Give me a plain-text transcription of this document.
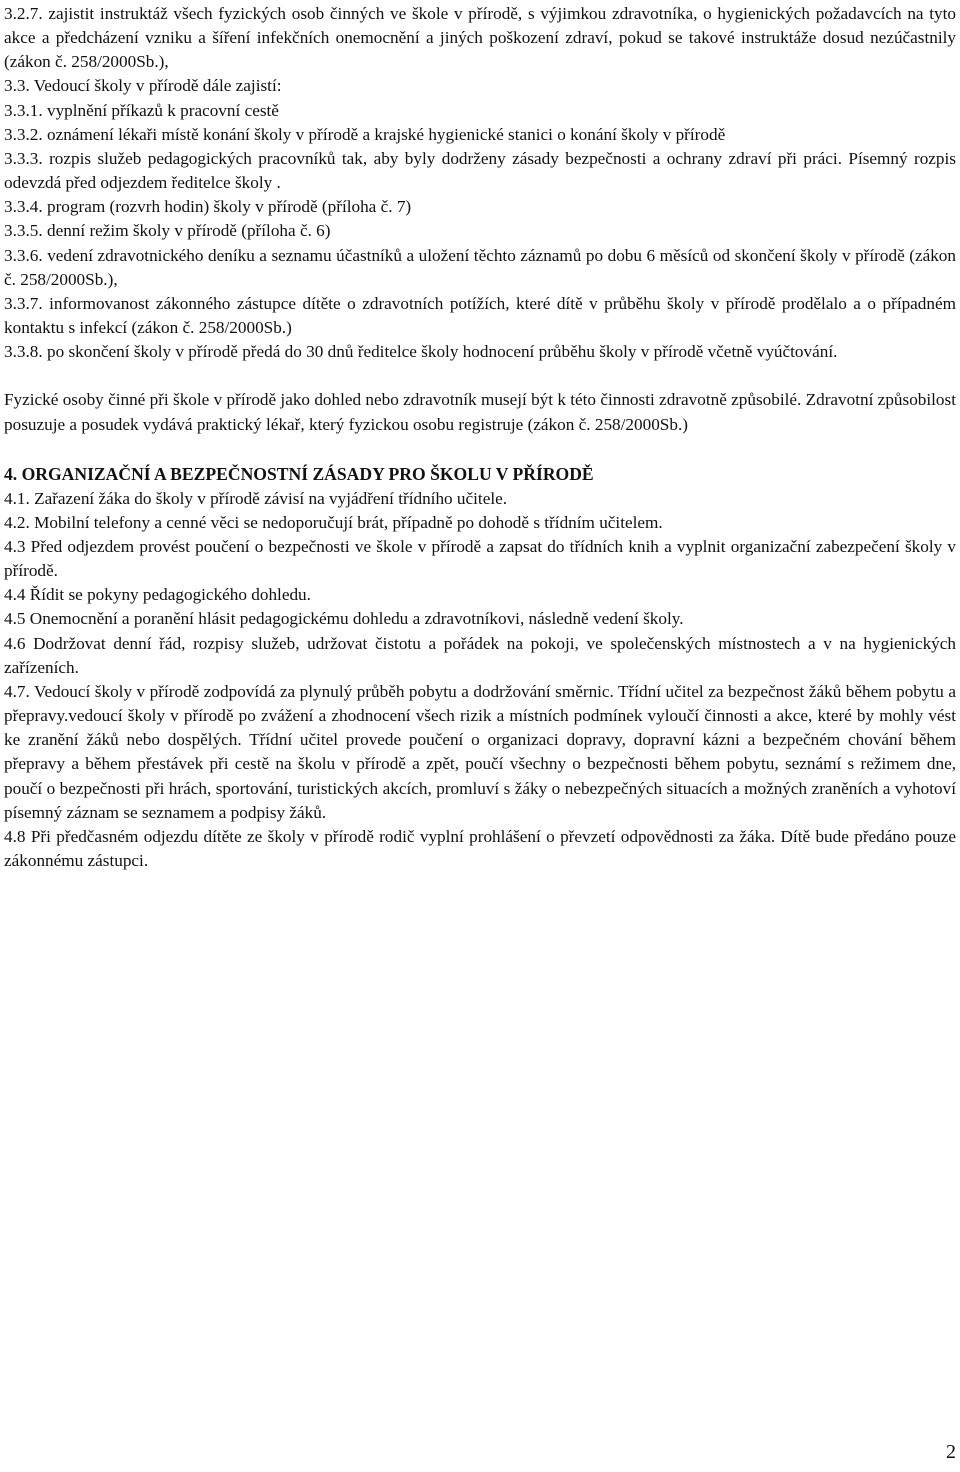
3.2.7. zajistit instruktáž všech fyzických osob činných ve škole v přírodě, s výjimkou zdravotníka, o hygienických požadavcích na tyto akce a předcházení vzniku a šíření infekčních onemocnění a jiných poškození zdraví, pokud se takové instruktáže dosud nezúčastnily (zákon č. 258/2000Sb.),

3.3. Vedoucí školy v přírodě dále zajistí:

3.3.1. vyplnění příkazů k pracovní cestě

3.3.2. oznámení lékaři místě konání školy v přírodě a krajské hygienické stanici o konání školy v přírodě

3.3.3. rozpis služeb pedagogických pracovníků tak, aby byly dodrženy zásady bezpečnosti a ochrany zdraví při práci. Písemný rozpis odevzdá před odjezdem ředitelce školy .

3.3.4. program (rozvrh hodin) školy v přírodě (příloha č. 7)

3.3.5. denní režim školy v přírodě (příloha č. 6)

3.3.6. vedení zdravotnického deníku a seznamu účastníků a uložení těchto záznamů po dobu 6 měsíců od skončení školy v přírodě (zákon č. 258/2000Sb.),

3.3.7. informovanost zákonného zástupce dítěte o zdravotních potížích, které dítě v průběhu školy v přírodě prodělalo a o případném kontaktu s infekcí (zákon č. 258/2000Sb.)

3.3.8. po skončení školy v přírodě předá do 30 dnů ředitelce školy hodnocení průběhu školy v přírodě včetně vyúčtování.

Fyzické osoby činné při škole v přírodě jako dohled nebo zdravotník musejí být k této činnosti zdravotně způsobilé. Zdravotní způsobilost posuzuje a posudek vydává praktický lékař, který fyzickou osobu registruje (zákon č. 258/2000Sb.)

4. ORGANIZAČNÍ A BEZPEČNOSTNÍ ZÁSADY PRO ŠKOLU V PŘÍRODĚ

4.1. Zařazení žáka do školy v přírodě závisí na vyjádření třídního učitele.

4.2. Mobilní telefony a cenné věci se nedoporučují brát, případně po dohodě s třídním učitelem.

4.3 Před odjezdem provést poučení o bezpečnosti ve škole v přírodě a zapsat do třídních knih a vyplnit organizační zabezpečení školy v přírodě.

4.4 Řídit se pokyny pedagogického dohledu.

4.5 Onemocnění a poranění hlásit pedagogickému dohledu a zdravotníkovi, následně vedení školy.

4.6 Dodržovat denní řád, rozpisy služeb, udržovat čistotu a pořádek na pokoji, ve společenských místnostech a v na hygienických zařízeních.

4.7. Vedoucí školy v přírodě zodpovídá za plynulý průběh pobytu a dodržování směrnic. Třídní učitel za bezpečnost žáků během pobytu a přepravy.vedoucí školy v přírodě po zvážení a zhodnocení všech rizik a místních podmínek vyloučí činnosti a akce, které by mohly vést ke zranění žáků nebo dospělých. Třídní učitel provede poučení o organizaci dopravy, dopravní kázni a bezpečném chování během přepravy a během přestávek při cestě na školu v přírodě a zpět, poučí všechny o bezpečnosti během pobytu, seznámí s režimem dne, poučí o bezpečnosti při hrách, sportování, turistických akcích, promluví s žáky o nebezpečných situacích a možných zraněních a vyhotoví písemný záznam se seznamem a podpisy žáků.

4.8 Při předčasném odjezdu dítěte ze školy v přírodě rodič vyplní prohlášení o převzetí odpovědnosti za žáka. Dítě bude předáno pouze zákonnému zástupci.

2
